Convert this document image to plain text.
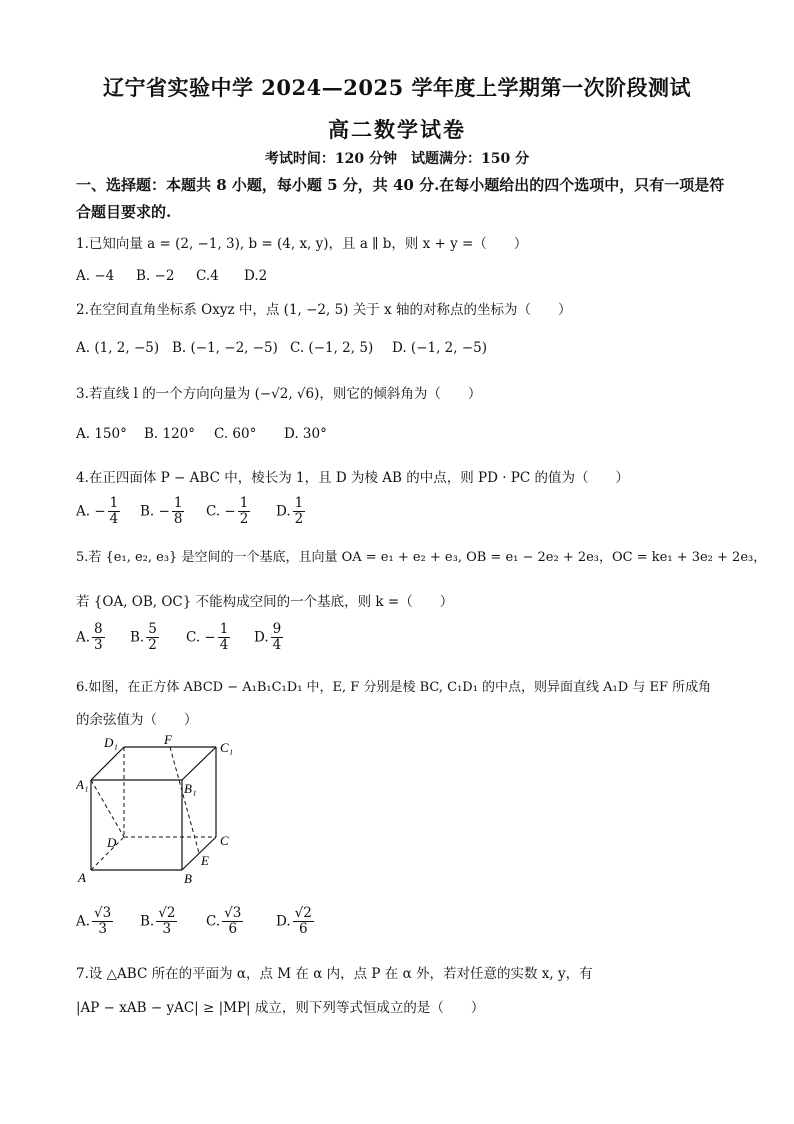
辽宁省实验中学 2024—2025 学年度上学期第一次阶段测试
高二数学试卷
考试时间：120 分钟　试题满分：150 分
一、选择题：本题共 8 小题，每小题 5 分，共 40 分.在每小题给出的四个选项中，只有一项是符合题目要求的.
1.已知向量 a = (2, −1, 3), b = (4, x, y)，且 a ∥ b，则 x + y =（　　）
A. −4 B. −2 C.4 D.2
2.在空间直角坐标系 Oxyz 中，点 (1, −2, 5) 关于 x 轴的对称点的坐标为（　　）
A. (1, 2, −5) B. (−1, −2, −5) C. (−1, 2, 5) D. (−1, 2, −5)
3.若直线 l 的一个方向向量为 (−√2, √6)，则它的倾斜角为（　　）
A. 150° B. 120° C. 60° D. 30°
4.在正四面体 P − ABC 中，棱长为 1，且 D 为棱 AB 的中点，则 PD · PC 的值为（　　）
A. − $\frac{1}{4} B$. − $\frac{1}{8} C$. − $\frac{1}{2} D$. $\frac{1}{2}$
5.若 {e₁, e₂, e₃} 是空间的一个基底，且向量 OA = e₁ + e₂ + e₃, OB = e₁ − 2e₂ + 2e₃，OC = ke₁ + 3e₂ + 2e₃，
若 {OA, OB, OC} 不能构成空间的一个基底，则 k =（　　）
A. $\frac{8}{3} B$. $\frac{5}{2} C$. − $\frac{1}{4} D$. $\frac{9}{4}$
6.如图，在正方体 ABCD − A₁B₁C₁D₁ 中，E, F 分别是棱 BC, C₁D₁ 的中点，则异面直线 A₁D 与 EF 所成角
的余弦值为（　　）
D₁	F
C₁
A₁	B₁
D	C
E
A	B
A. $\frac{√3}{3} B$. $\frac{√2}{3} C$. $\frac{√3}{6} D$. $\frac{√2}{6}$
7.设 △ABC 所在的平面为 α，点 M 在 α 内，点 P 在 α 外，若对任意的实数 x, y，有
|AP − xAB − yAC| ≥ |MP| 成立，则下列等式恒成立的是（　　）
